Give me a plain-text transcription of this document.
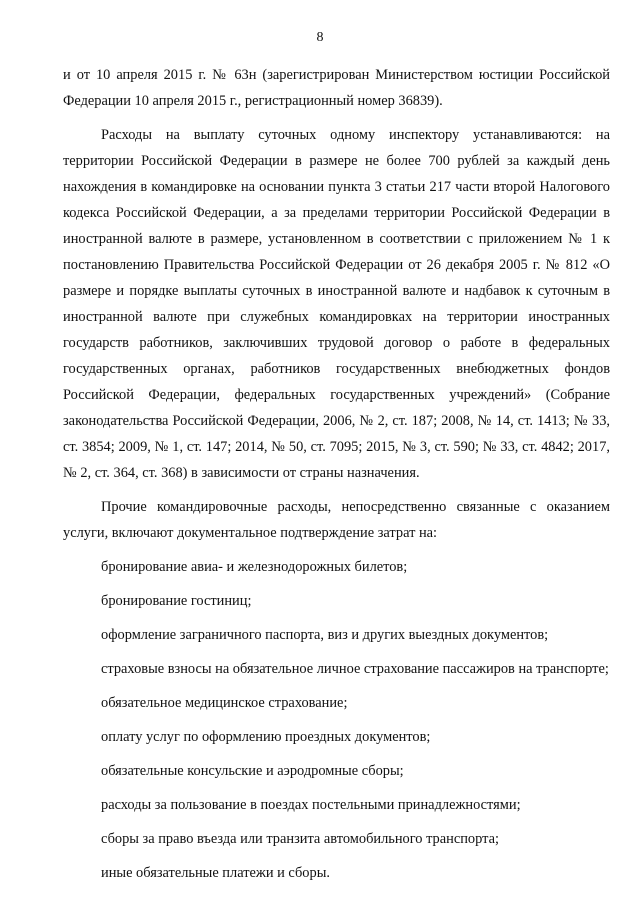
8

и от 10 апреля 2015 г. № 63н (зарегистрирован Министерством юстиции Российской Федерации 10 апреля 2015 г., регистрационный номер 36839).

Расходы на выплату суточных одному инспектору устанавливаются: на территории Российской Федерации в размере не более 700 рублей за каждый день нахождения в командировке на основании пункта 3 статьи 217 части второй Налогового кодекса Российской Федерации, а за пределами территории Российской Федерации в иностранной валюте в размере, установленном в соответствии с приложением № 1 к постановлению Правительства Российской Федерации от 26 декабря 2005 г. № 812 «О размере и порядке выплаты суточных в иностранной валюте и надбавок к суточным в иностранной валюте при служебных командировках на территории иностранных государств работников, заключивших трудовой договор о работе в федеральных государственных органах, работников государственных внебюджетных фондов Российской Федерации, федеральных государственных учреждений» (Собрание законодательства Российской Федерации, 2006, № 2, ст. 187; 2008, № 14, ст. 1413; № 33, ст. 3854; 2009, № 1, ст. 147; 2014, № 50, ст. 7095; 2015, № 3, ст. 590; № 33, ст. 4842; 2017, № 2, ст. 364, ст. 368) в зависимости от страны назначения.

Прочие командировочные расходы, непосредственно связанные с оказанием услуги, включают документальное подтверждение затрат на:

бронирование авиа- и железнодорожных билетов;

бронирование гостиниц;

оформление заграничного паспорта, виз и других выездных документов;

страховые взносы на обязательное личное страхование пассажиров на транспорте;

обязательное медицинское страхование;

оплату услуг по оформлению проездных документов;

обязательные консульские и аэродромные сборы;

расходы за пользование в поездах постельными принадлежностями;

сборы за право въезда или транзита автомобильного транспорта;

иные обязательные платежи и сборы.
